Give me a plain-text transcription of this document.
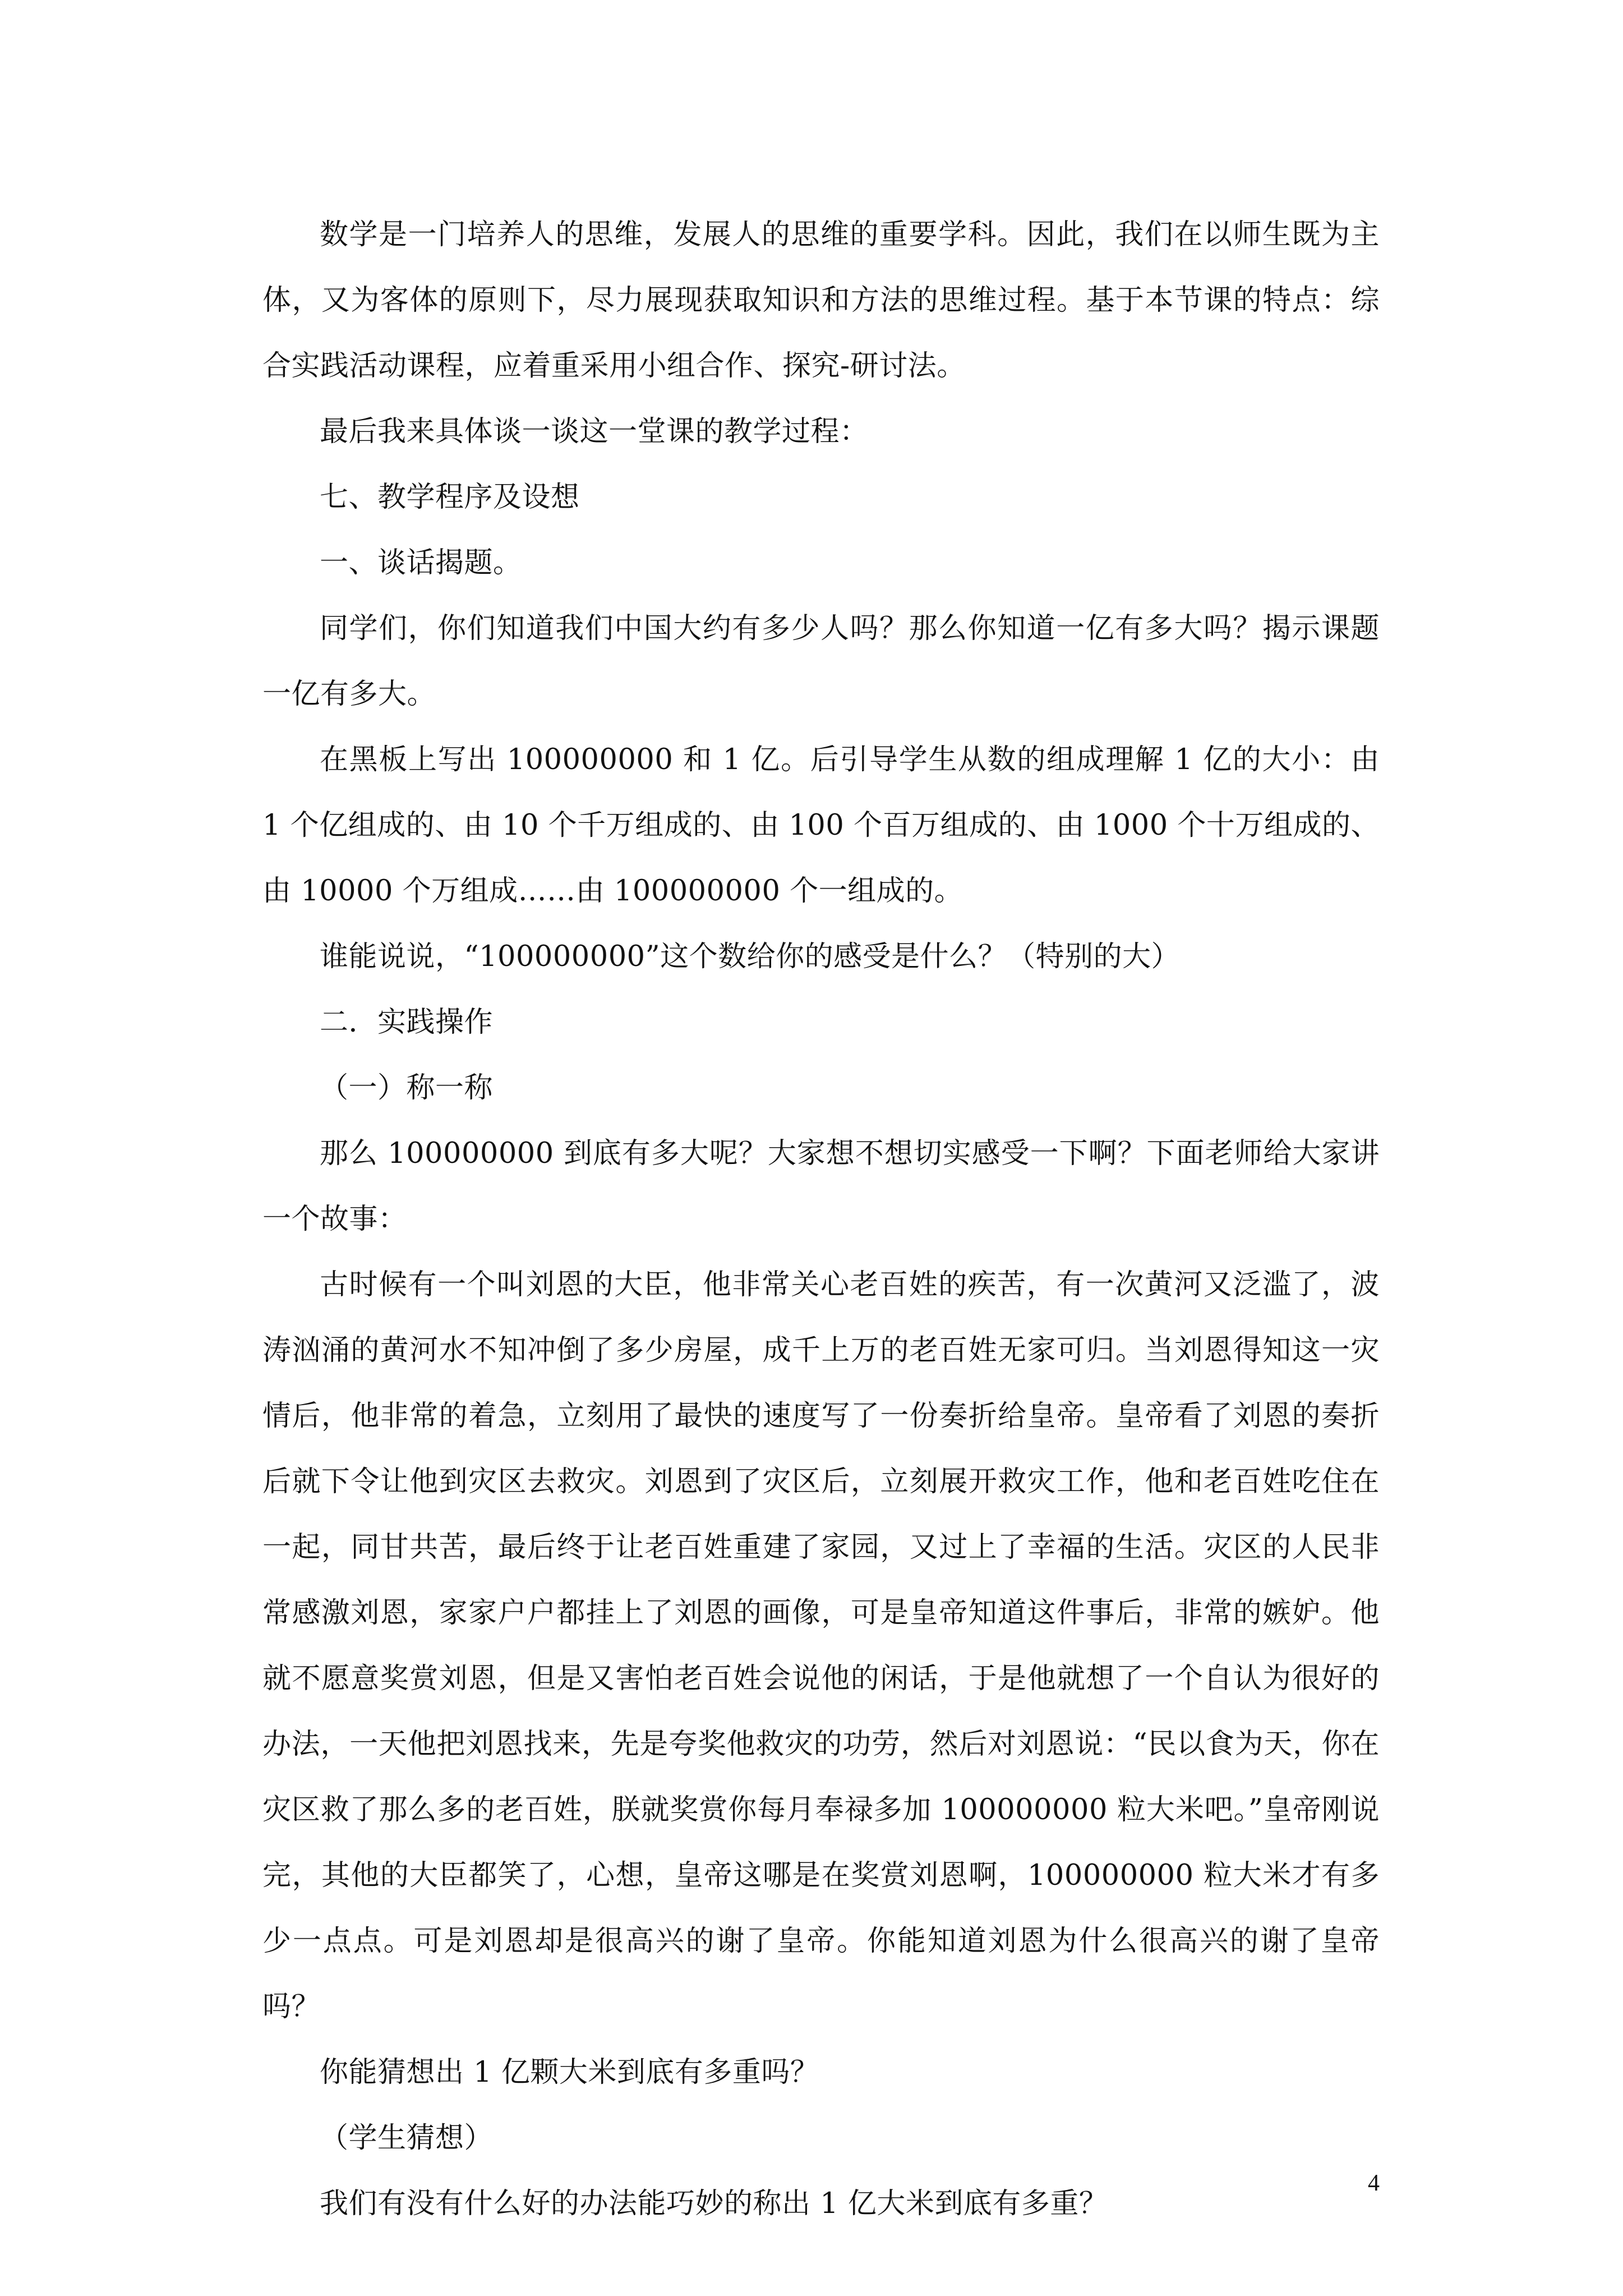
数学是一门培养人的思维，发展人的思维的重要学科。因此，我们在以师生既为主体，又为客体的原则下，尽力展现获取知识和方法的思维过程。基于本节课的特点：综合实践活动课程，应着重采用小组合作、探究-研讨法。

最后我来具体谈一谈这一堂课的教学过程：

七、教学程序及设想

一、谈话揭题。

同学们，你们知道我们中国大约有多少人吗？那么你知道一亿有多大吗？揭示课题 一亿有多大。

在黑板上写出 100000000 和 1 亿。后引导学生从数的组成理解 1 亿的大小：由 1 个亿组成的、由 10 个千万组成的、由 100 个百万组成的、由 1000 个十万组成的、由 10000 个万组成……由 100000000 个一组成的。

谁能说说，“100000000”这个数给你的感受是什么？（特别的大）

二．实践操作

（一）称一称

那么 100000000 到底有多大呢？大家想不想切实感受一下啊？下面老师给大家讲一个故事：

古时候有一个叫刘恩的大臣，他非常关心老百姓的疾苦，有一次黄河又泛滥了，波涛汹涌的黄河水不知冲倒了多少房屋，成千上万的老百姓无家可归。当刘恩得知这一灾情后，他非常的着急，立刻用了最快的速度写了一份奏折给皇帝。皇帝看了刘恩的奏折后就下令让他到灾区去救灾。刘恩到了灾区后，立刻展开救灾工作，他和老百姓吃住在一起，同甘共苦，最后终于让老百姓重建了家园，又过上了幸福的生活。灾区的人民非常感激刘恩，家家户户都挂上了刘恩的画像，可是皇帝知道这件事后，非常的嫉妒。他就不愿意奖赏刘恩，但是又害怕老百姓会说他的闲话，于是他就想了一个自认为很好的办法，一天他把刘恩找来，先是夸奖他救灾的功劳，然后对刘恩说：“民以食为天，你在灾区救了那么多的老百姓，朕就奖赏你每月奉禄多加 100000000 粒大米吧。”皇帝刚说完，其他的大臣都笑了，心想，皇帝这哪是在奖赏刘恩啊，100000000 粒大米才有多少一点点。可是刘恩却是很高兴的谢了皇帝。你能知道刘恩为什么很高兴的谢了皇帝吗？

你能猜想出 1 亿颗大米到底有多重吗？

（学生猜想）

我们有没有什么好的办法能巧妙的称出 1 亿大米到底有多重？

4
